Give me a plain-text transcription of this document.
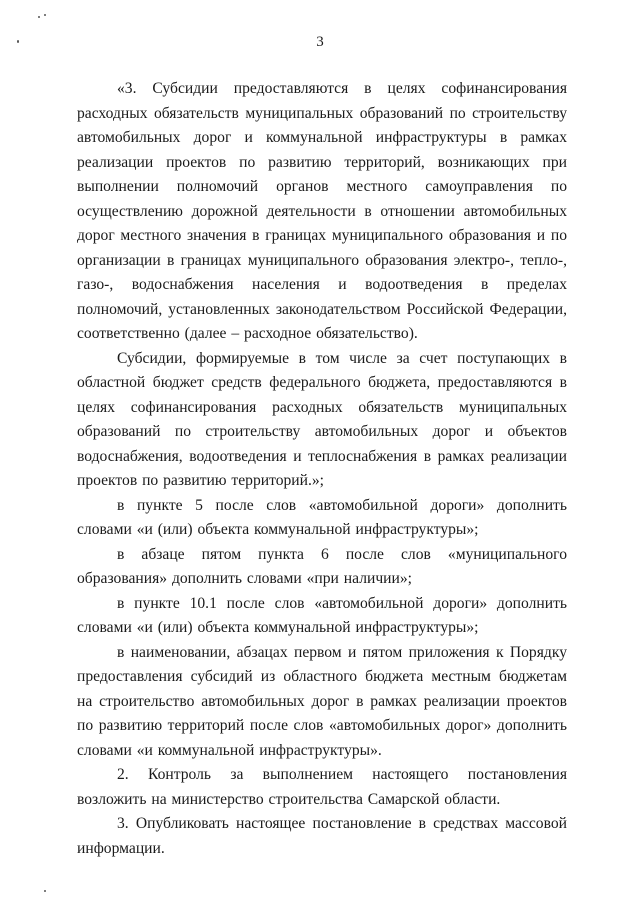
3

«3. Субсидии предоставляются в целях софинансирования расходных обязательств муниципальных образований по строительству автомобильных дорог и коммунальной инфраструктуры в рамках реализации проектов по развитию территорий, возникающих при выполнении полномочий органов местного самоуправления по осуществлению дорожной деятельности в отношении автомобильных дорог местного значения в границах муниципального образования и по организации в границах муниципального образования электро-, тепло-, газо-, водоснабжения населения и водоотведения в пределах полномочий, установленных законодательством Российской Федерации, соответственно (далее – расходное обязательство).

Субсидии, формируемые в том числе за счет поступающих в областной бюджет средств федерального бюджета, предоставляются в целях софинансирования расходных обязательств муниципальных образований по строительству автомобильных дорог и объектов водоснабжения, водоотведения и теплоснабжения в рамках реализации проектов по развитию территорий.»;

в пункте 5 после слов «автомобильной дороги» дополнить словами «и (или) объекта коммунальной инфраструктуры»;

в абзаце пятом пункта 6 после слов «муниципального образования» дополнить словами «при наличии»;

в пункте 10.1 после слов «автомобильной дороги» дополнить словами «и (или) объекта коммунальной инфраструктуры»;

в наименовании, абзацах первом и пятом приложения к Порядку предоставления субсидий из областного бюджета местным бюджетам на строительство автомобильных дорог в рамках реализации проектов по развитию территорий после слов «автомобильных дорог» дополнить словами «и коммунальной инфраструктуры».

2. Контроль за выполнением настоящего постановления возложить на министерство строительства Самарской области.

3. Опубликовать настоящее постановление в средствах массовой информации.
